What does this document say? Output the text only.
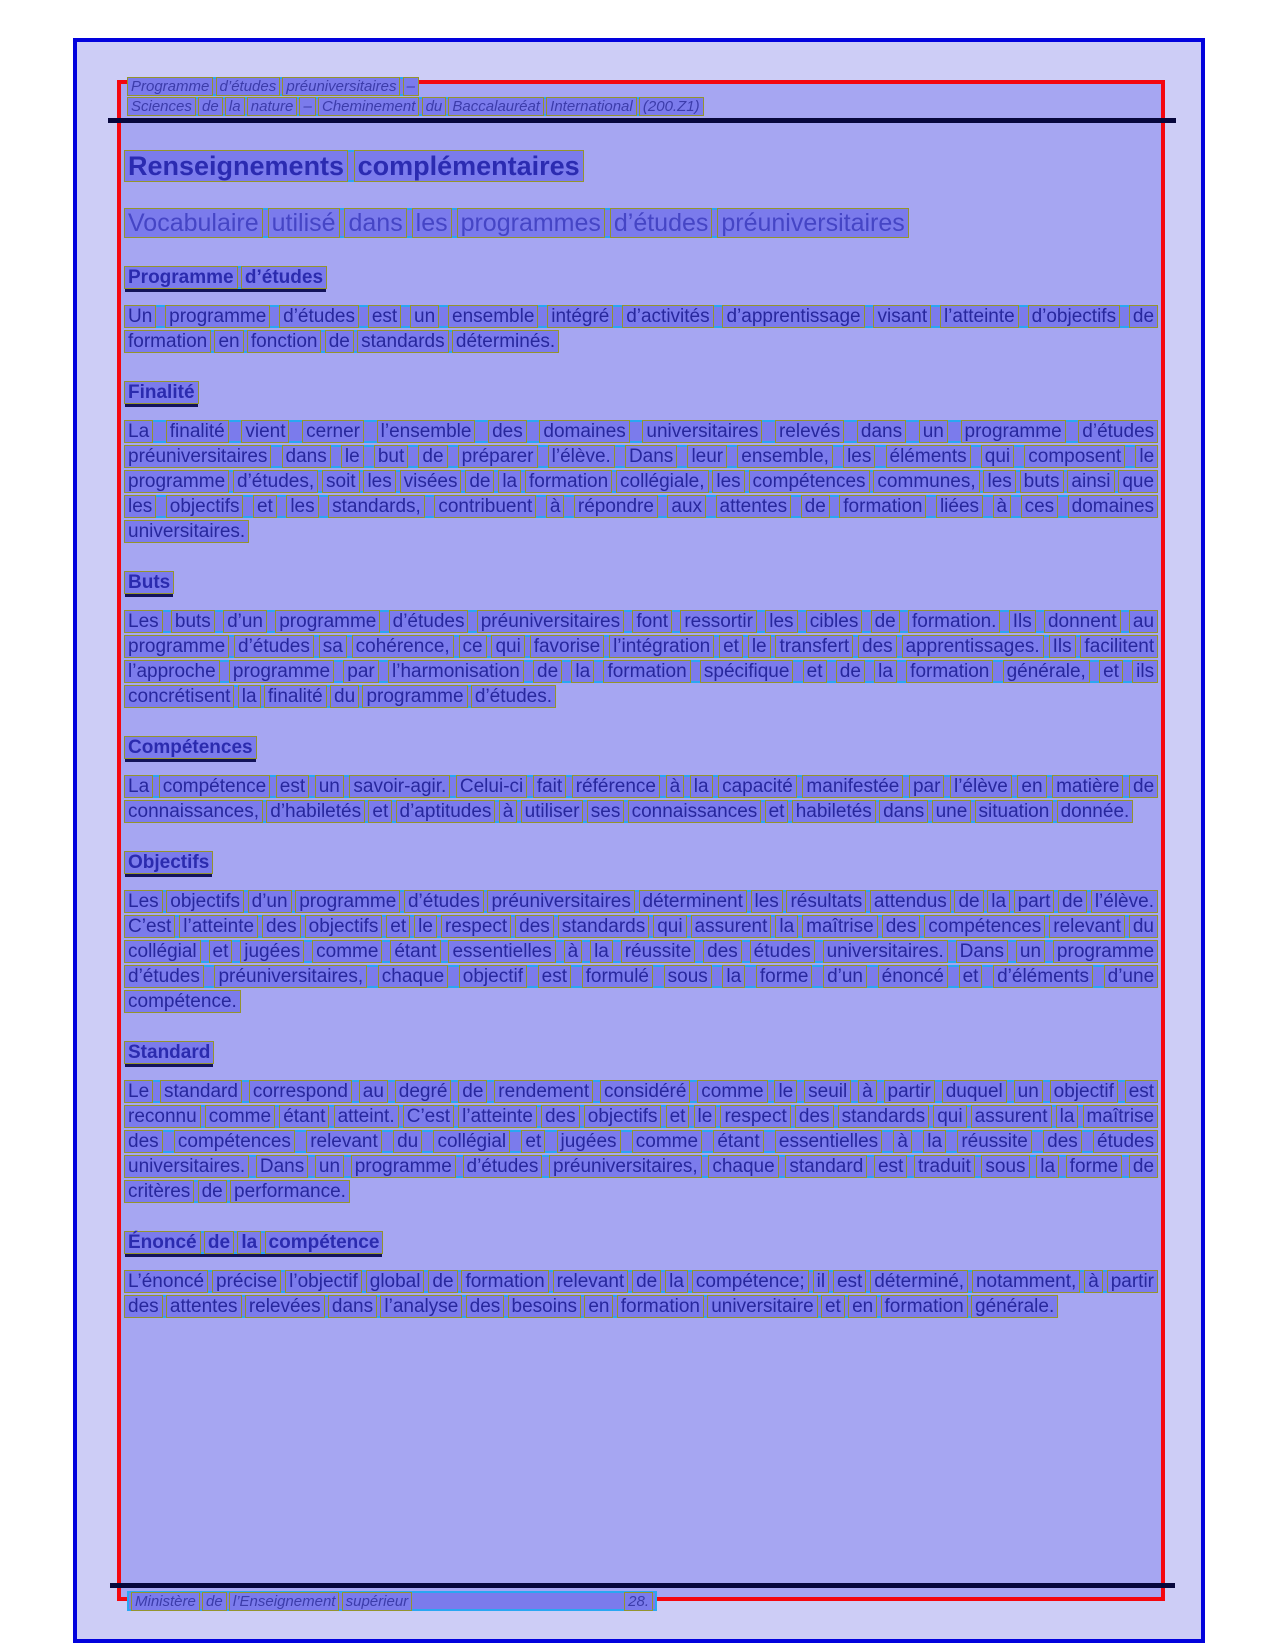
Programme d’études préuniversitaires –
Sciences de la nature – Cheminement du Baccalauréat International (200.Z1)
Renseignements complémentaires
Vocabulaire utilisé dans les programmes d’études préuniversitaires
Programme d’études

Un programme d’études est un ensemble intégré d’activités d’apprentissage visant l’atteinte d’objectifs de formation en fonction de standards déterminés.

Finalité

La finalité vient cerner l’ensemble des domaines universitaires relevés dans un programme d’études préuniversitaires dans le but de préparer l’élève. Dans leur ensemble, les éléments qui composent le programme d’études, soit les visées de la formation collégiale, les compétences communes, les buts ainsi que les objectifs et les standards, contribuent à répondre aux attentes de formation liées à ces domaines universitaires.

Buts

Les buts d’un programme d’études préuniversitaires font ressortir les cibles de formation. Ils donnent au programme d’études sa cohérence, ce qui favorise l’intégration et le transfert des apprentissages. Ils facilitent l’approche programme par l’harmonisation de la formation spécifique et de la formation générale, et ils concrétisent la finalité du programme d’études.

Compétences

La compétence est un savoir-agir. Celui-ci fait référence à la capacité manifestée par l’élève en matière de connaissances, d’habiletés et d’aptitudes à utiliser ses connaissances et habiletés dans une situation donnée.

Objectifs

Les objectifs d’un programme d’études préuniversitaires déterminent les résultats attendus de la part de l’élève. C’est l’atteinte des objectifs et le respect des standards qui assurent la maîtrise des compétences relevant du collégial et jugées comme étant essentielles à la réussite des études universitaires. Dans un programme d’études préuniversitaires, chaque objectif est formulé sous la forme d’un énoncé et d’éléments d’une compétence.

Standard

Le standard correspond au degré de rendement considéré comme le seuil à partir duquel un objectif est reconnu comme étant atteint. C’est l’atteinte des objectifs et le respect des standards qui assurent la maîtrise des compétences relevant du collégial et jugées comme étant essentielles à la réussite des études universitaires. Dans un programme d’études préuniversitaires, chaque standard est traduit sous la forme de critères de performance.

Énoncé de la compétence

L’énoncé précise l’objectif global de formation relevant de la compétence; il est déterminé, notamment, à partir des attentes relevées dans l’analyse des besoins en formation universitaire et en formation générale.

Ministère de l’Enseignement supérieur	28.
